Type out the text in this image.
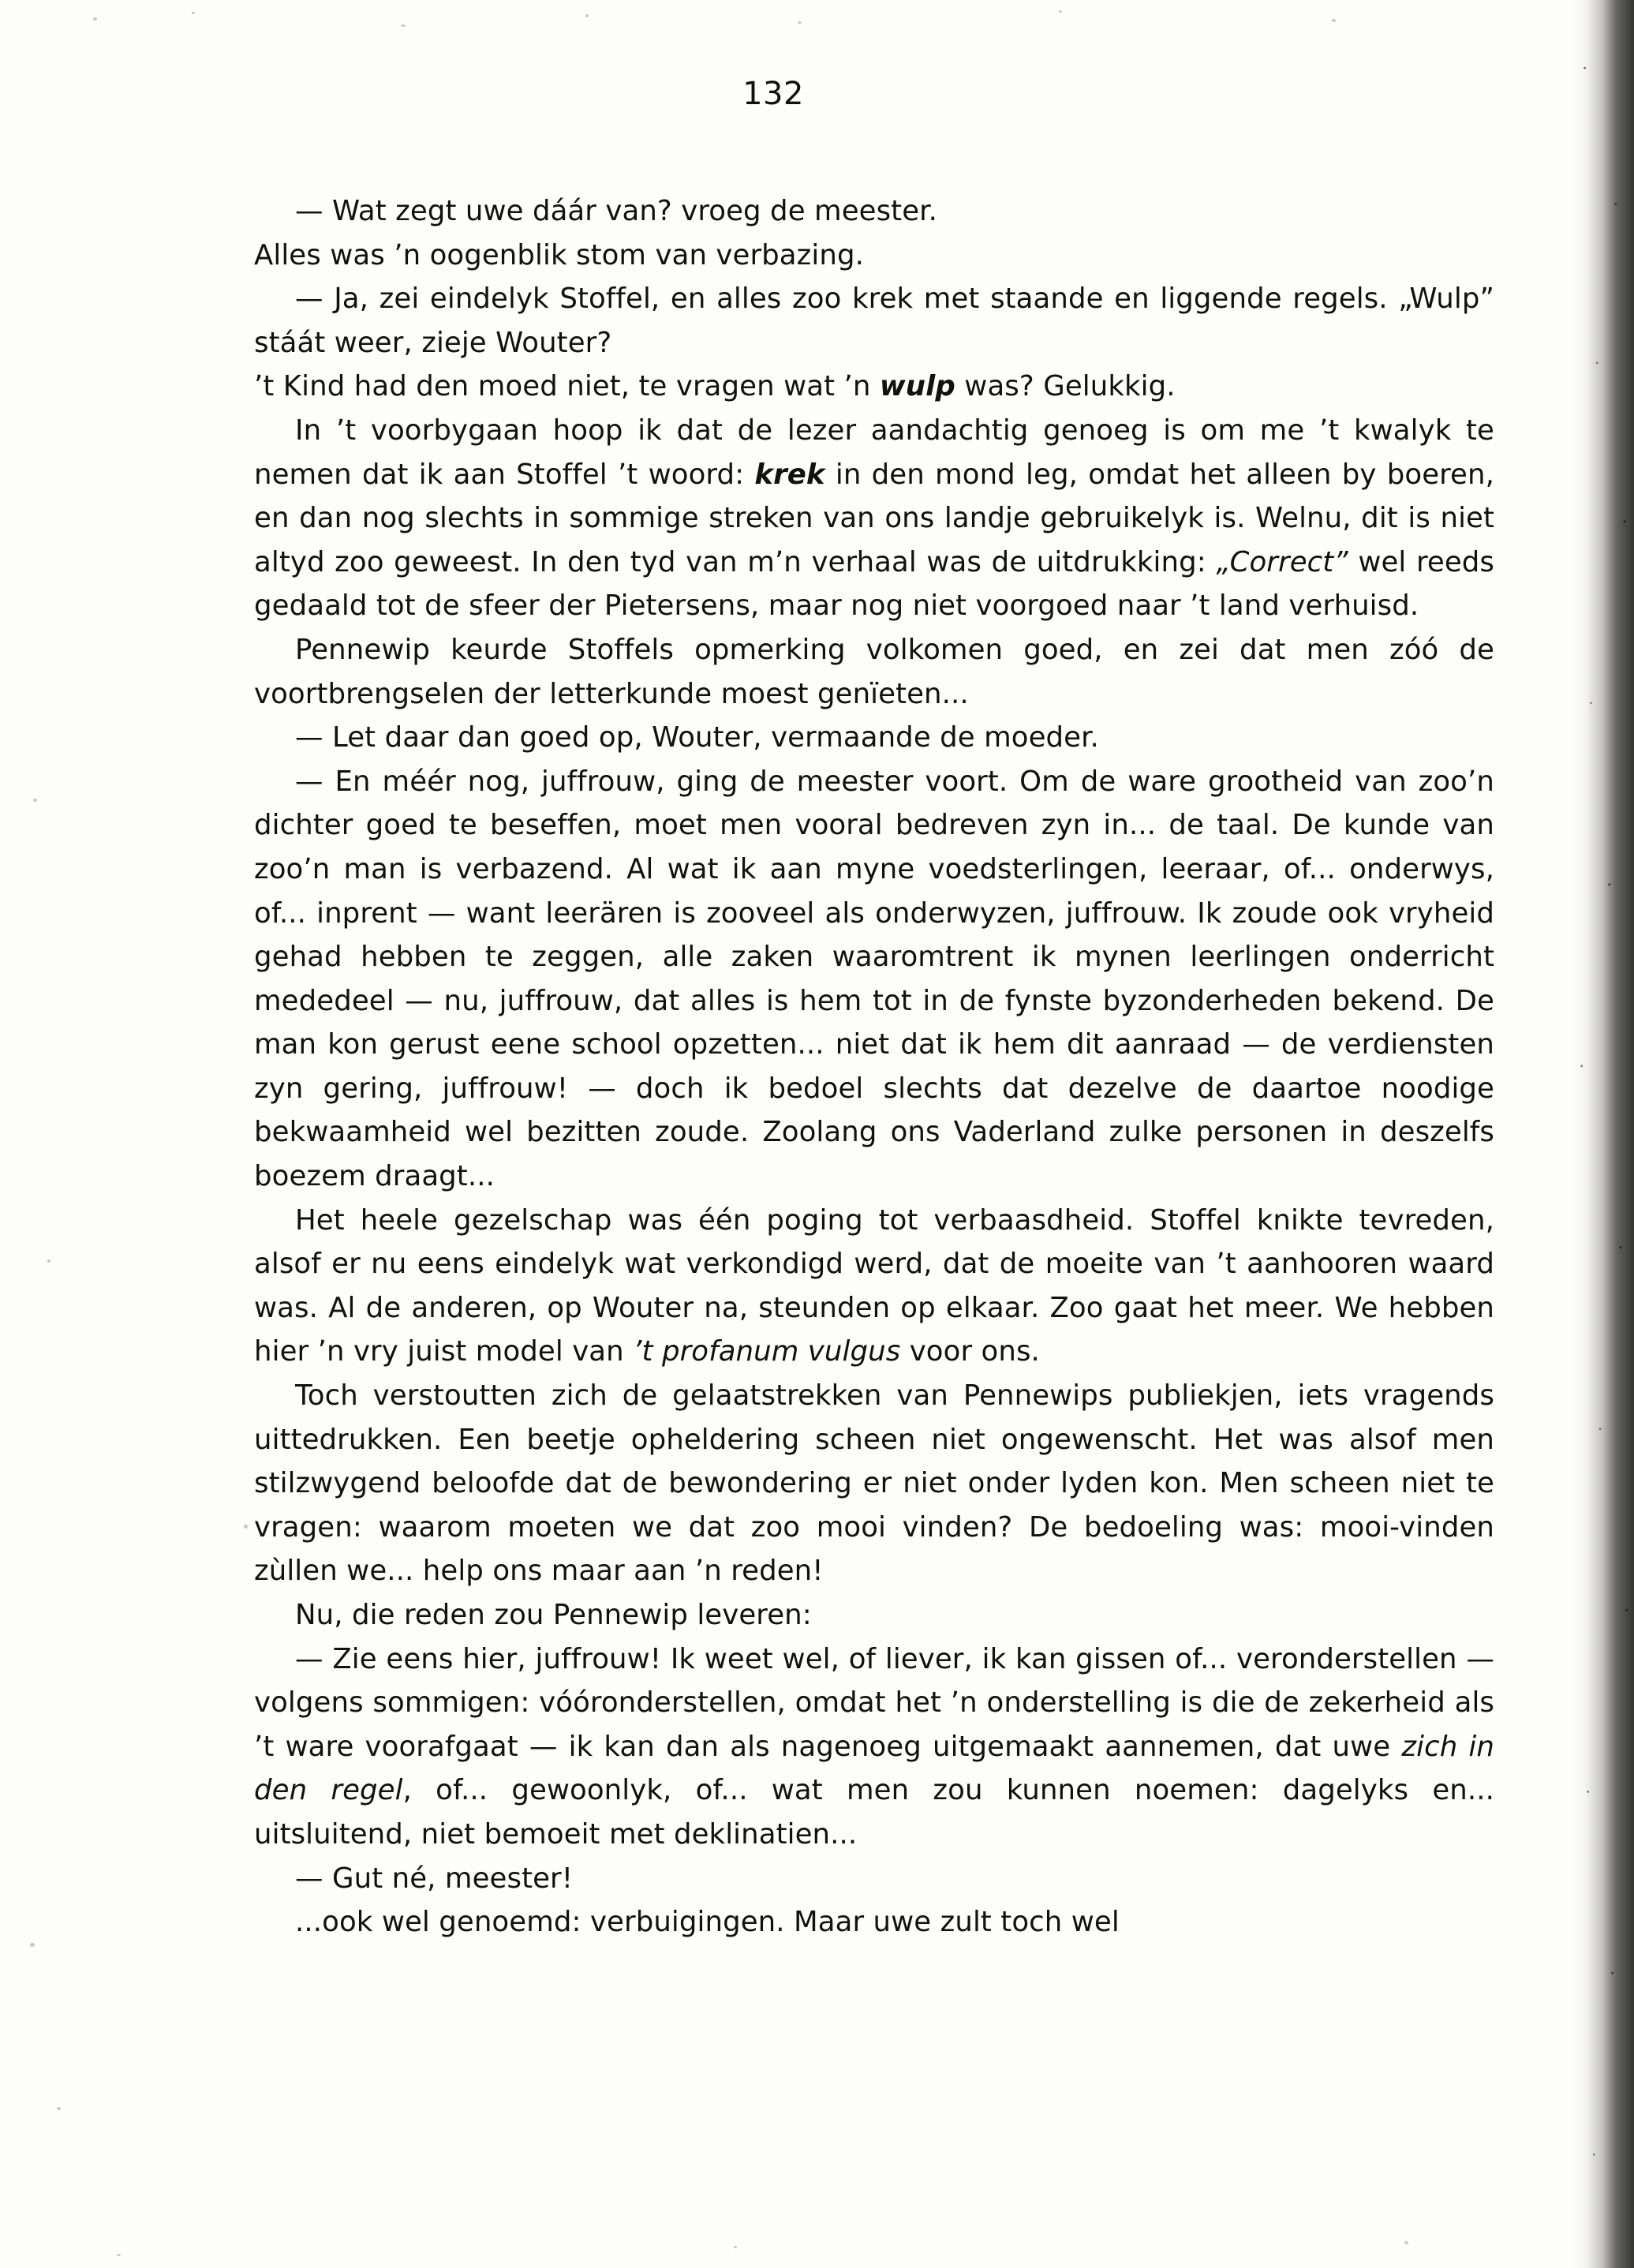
132

— Wat zegt uwe dáár van? vroeg de meester.

Alles was ’n oogenblik stom van verbazing.

— Ja, zei eindelyk Stoffel, en alles zoo krek met staande en liggende regels. „Wulp” stáát weer, zieje Wouter?

’t Kind had den moed niet, te vragen wat ’n wulp was? Gelukkig.

In ’t voorbygaan hoop ik dat de lezer aandachtig genoeg is om me ’t kwalyk te nemen dat ik aan Stoffel ’t woord: krek in den mond leg, omdat het alleen by boeren, en dan nog slechts in sommige streken van ons landje gebruikelyk is. Welnu, dit is niet altyd zoo geweest. In den tyd van m’n verhaal was de uitdrukking: „Correct” wel reeds gedaald tot de sfeer der Pietersens, maar nog niet voorgoed naar ’t land verhuisd.

Pennewip keurde Stoffels opmerking volkomen goed, en zei dat men zóó de voortbrengselen der letterkunde moest genïeten...

— Let daar dan goed op, Wouter, vermaande de moeder.

— En méér nog, juffrouw, ging de meester voort. Om de ware grootheid van zoo’n dichter goed te beseffen, moet men vooral bedreven zyn in... de taal. De kunde van zoo’n man is verbazend. Al wat ik aan myne voedsterlingen, leeraar, of... onderwys, of... inprent — want leerären is zooveel als onderwyzen, juffrouw. Ik zoude ook vryheid gehad hebben te zeggen, alle zaken waaromtrent ik mynen leerlingen onderricht mededeel — nu, juffrouw, dat alles is hem tot in de fynste byzonderheden bekend. De man kon gerust eene school opzetten... niet dat ik hem dit aanraad — de verdiensten zyn gering, juffrouw! — doch ik bedoel slechts dat dezelve de daartoe noodige bekwaamheid wel bezitten zoude. Zoolang ons Vaderland zulke personen in deszelfs boezem draagt...

Het heele gezelschap was één poging tot verbaasdheid. Stoffel knikte tevreden, alsof er nu eens eindelyk wat verkondigd werd, dat de moeite van ’t aanhooren waard was. Al de anderen, op Wouter na, steunden op elkaar. Zoo gaat het meer. We hebben hier ’n vry juist model van ’t profanum vulgus voor ons.

Toch verstoutten zich de gelaatstrekken van Pennewips publiekjen, iets vragends uittedrukken. Een beetje opheldering scheen niet ongewenscht. Het was alsof men stilzwygend beloofde dat de bewondering er niet onder lyden kon. Men scheen niet te vragen: waarom moeten we dat zoo mooi vinden? De bedoeling was: mooi-vinden zùllen we... help ons maar aan ’n reden!

Nu, die reden zou Pennewip leveren:

— Zie eens hier, juffrouw! Ik weet wel, of liever, ik kan gissen of... veronderstellen — volgens sommigen: vóóronderstellen, omdat het ’n onderstelling is die de zekerheid als ’t ware voorafgaat — ik kan dan als nagenoeg uitgemaakt aannemen, dat uwe zich in den regel, of... gewoonlyk, of... wat men zou kunnen noemen: dagelyks en... uitsluitend, niet bemoeit met deklinatien...

— Gut né, meester!

...ook wel genoemd: verbuigingen. Maar uwe zult toch wel
